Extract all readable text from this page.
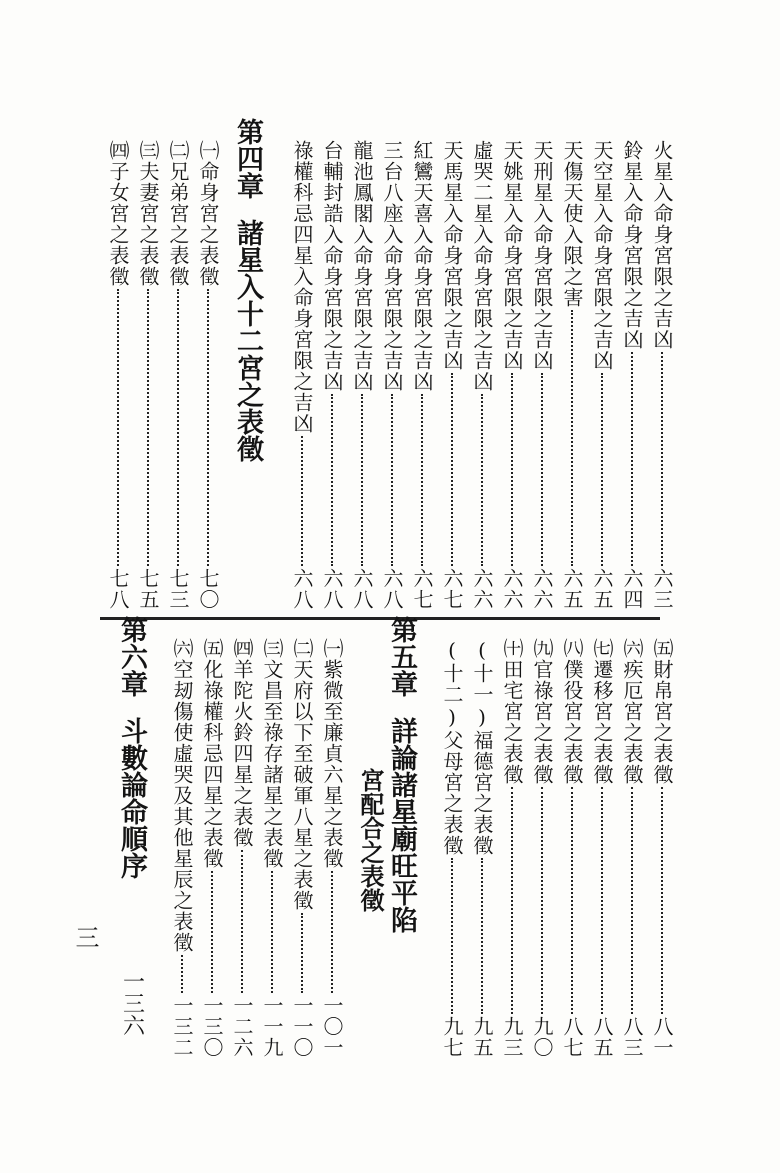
火星入命身宮限之吉凶
六三
鈴星入命身宮限之吉凶
六四
天空星入命身宮限之吉凶
六五
天傷天使入限之害
六五
天刑星入命身宮限之吉凶
六六
天姚星入命身宮限之吉凶
六六
虛哭二星入命身宮限之吉凶
六六
天馬星入命身宮限之吉凶
六七
紅鸞天喜入命身宮限之吉凶
六七
三台八座入命身宮限之吉凶
六八
龍池鳳閣入命身宮限之吉凶
六八
台輔封誥入命身宮限之吉凶
六八
祿權科忌四星入命身宮限之吉凶
六八
第四章諸星入十二宮之表徵
㈠命身宮之表徵
七〇
㈡兄弟宮之表徵
七三
㈢夫妻宮之表徵
七五
㈣子女宮之表徵
七八
㈤財帛宮之表徵
八一
㈥疾厄宮之表徵
八三
㈦遷移宮之表徵
八五
㈧僕役宮之表徵
八七
㈨官祿宮之表徵
九〇
㈩田宅宮之表徵
九三
(十一)福德宮之表徵
九五
(十二)父母宮之表徵
九七
第五章詳論諸星廟旺平陷
宮配合之表徵
㈠紫微至廉貞六星之表徵
一〇一
㈡天府以下至破軍八星之表徵
一一〇
㈢文昌至祿存諸星之表徵
一一九
㈣羊陀火鈴四星之表徵
一二六
㈤化祿權科忌四星之表徵
一三〇
㈥空刼傷使虛哭及其他星辰之表徵
一三二
第六章
斗數論命順序
一三六
三
